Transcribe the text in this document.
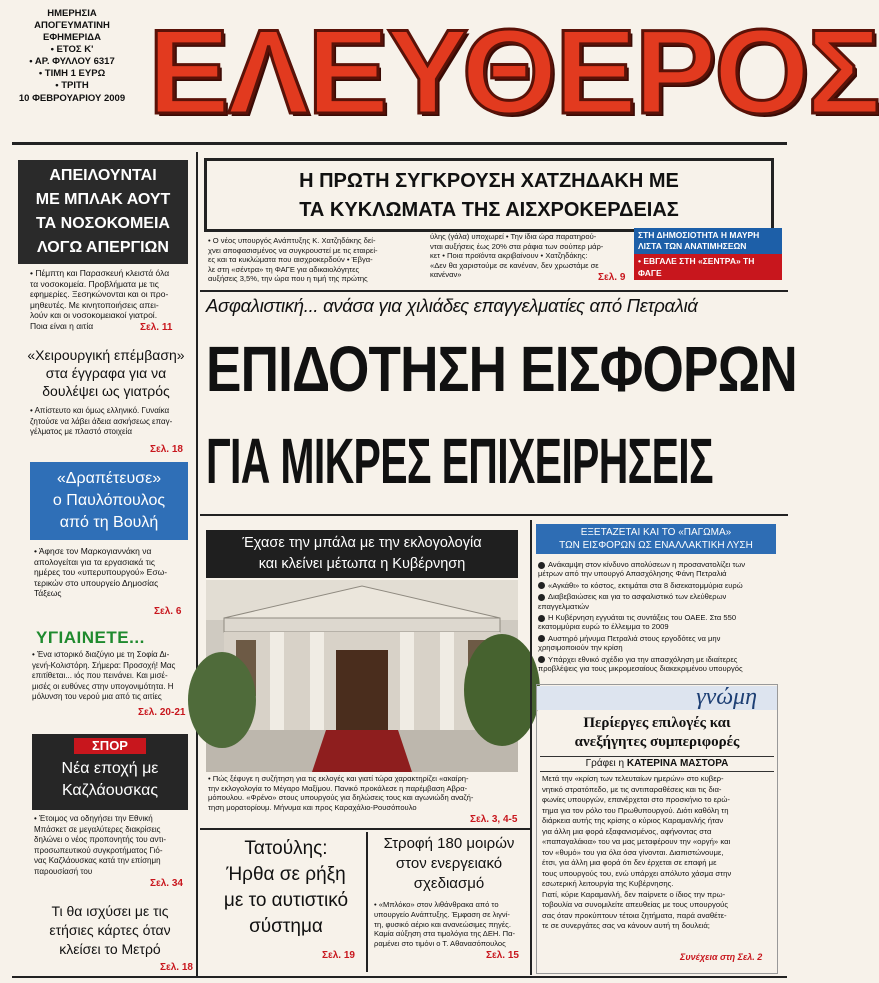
ΗΜΕΡΗΣΙΑ
ΑΠΟΓΕΥΜΑΤΙΝΗ
ΕΦΗΜΕΡΙΔΑ
• ΕΤΟΣ Κ'
• ΑΡ. ΦΥΛΛΟΥ 6317
• ΤΙΜΗ 1 ΕΥΡΩ
• ΤΡΙΤΗ
10 ΦΕΒΡΟΥΑΡΙΟΥ 2009 ΕΛΕΥΘΕΡΟΣ
ΑΠΕΙΛΟΥΝΤΑΙ
ΜΕ ΜΠΛΑΚ ΑΟΥΤ
ΤΑ ΝΟΣΟΚΟΜΕΙΑ
ΛΟΓΩ ΑΠΕΡΓΙΩΝ
• Πέμπτη και Παρασκευή κλειστά όλα
τα νοσοκομεία. Προβλήματα με τις
εφημερίες. Ξεσηκώνονται και οι προ-
μηθευτές. Με κινητοποιήσεις απει-
λούν και οι νοσοκομειακοί γιατροί.
Ποια είναι η αιτία	Σελ. 11
«Χειρουργική επέμβαση»
στα έγγραφα για να
δουλέψει ως γιατρός
• Απίστευτο και όμως ελληνικό. Γυναίκα
ζητούσε να λάβει άδεια ασκήσεως επαγ-
γέλματος με πλαστό στοιχεία
Σελ. 18
«Δραπέτευσε»
ο Παυλόπουλος
από τη Βουλή
• Άφησε τον Μαρκογιαννάκη να
απολογείται για τα εργασιακά τις
ημέρες του «υπερυπουργού» Εσω-
τερικών στο υπουργείο Δημοσίας
Τάξεως
Σελ. 6
ΥΓΙΑΙΝΕΤΕ...
• Ένα ιστορικό διαζύγιο με τη Σοφία Δι-
γενή-Κολιστόρη. Σήμερα: Προσοχή! Μας
επιτίθεται... ιός που πεινάνει. Και μισέ-
μισές οι ευθύνες στην υπογονιμότητα. Η
μόλυνση του νερού μια από τις αιτίες
Σελ. 20-21
ΣΠΟΡ
Νέα εποχή με
Καζλάουσκας
• Έτοιμος να οδηγήσει την Εθνική
Μπάσκετ σε μεγαλύτερες διακρίσεις
δηλώνει ο νέος προπονητής του αντι-
προσωπευτικού συγκροτήματος Γιό-
νας Καζλάουσκας κατά την επίσημη
παρουσίασή του
Σελ. 34
Τι θα ισχύσει με τις
ετήσιες κάρτες όταν
κλείσει το Μετρό
Σελ. 18
Η ΠΡΩΤΗ ΣΥΓΚΡΟΥΣΗ ΧΑΤΖΗΔΑΚΗ ΜΕ
ΤΑ ΚΥΚΛΩΜΑΤΑ ΤΗΣ ΑΙΣΧΡΟΚΕΡΔΕΙΑΣ
• Ο νέος υπουργός Ανάπτυξης Κ. Χατζηδάκης δεί-
χνει αποφασισμένος να συγκρουστεί με τις εταιρεί-
ες και τα κυκλώματα που αισχροκερδούν • Έβγα-
λε στη «σέντρα» τη ΦΑΓΕ για αδικαιολόγητες
αυξήσεις 3,5%, την ώρα που η τιμή της πρώτης
ύλης (γάλα) υποχωρεί • Την ίδια ώρα παρατηρού-
νται αυξήσεις έως 20% στα ράφια των σούπερ μάρ-
κετ • Ποια προϊόντα ακριβαίνουν • Χατζηδάκης:
«Δεν θα χαριστούμε σε κανέναν, δεν χρωστάμε σε
κανέναν»	Σελ. 9
ΣΤΗ ΔΗΜΟΣΙΟΤΗΤΑ Η ΜΑΥΡΗ
ΛΙΣΤΑ ΤΩΝ ΑΝΑΤΙΜΗΣΕΩΝ
• ΕΒΓΑΛΕ ΣΤΗ «ΣΕΝΤΡΑ» ΤΗ ΦΑΓΕ
Ασφαλιστική... ανάσα για χιλιάδες επαγγελματίες από Πετραλιά
ΕΠΙΔΟΤΗΣΗ ΕΙΣΦΟΡΩΝ
ΓΙΑ ΜΙΚΡΕΣ ΕΠΙΧΕΙΡΗΣΕΙΣ
Έχασε την μπάλα με την εκλογολογία
και κλείνει μέτωπα η Κυβέρνηση
• Πώς ξέφυγε η συζήτηση για τις εκλογές και γιατί τώρα χαρακτηρίζει «ακαίρη-
την εκλογολογία το Μέγαρο Μαξίμου. Πανικό προκάλεσε η παρέμβαση Αβρα-
μόπουλου. «Φρένο» στους υπουργούς για δηλώσεις τους και αγωνιώδη αναζή-
τηση μορατορίουμ. Μήνυμα και προς Καραχάλιο-Ρουσόπουλο
Σελ. 3, 4-5
Τατούλης:
Ήρθα σε ρήξη
με το αυτιστικό
σύστημα
Σελ. 19
Στροφή 180 μοιρών
στον ενεργειακό
σχεδιασμό
• «Μπλόκο» στον λιθάνθρακα από το
υπουργείο Ανάπτυξης. Έμφαση σε λιγνί-
τη, φυσικό αέριο και ανανεώσιμες πηγές.
Καμία αύξηση στα τιμολόγια της ΔΕΗ. Πα-
ραμένει στο τιμόνι ο Τ. Αθανασόπουλος
Σελ. 15
ΕΞΕΤΑΖΕΤΑΙ ΚΑΙ ΤΟ «ΠΑΓΩΜΑ»
ΤΩΝ ΕΙΣΦΟΡΩΝ ΩΣ ΕΝΑΛΛΑΚΤΙΚΗ ΛΥΣΗ
Ανάκαμψη στον κίνδυνο απολύσεων η προσανατολίζει των
μέτρων από την υπουργό Απασχόλησης Φάνη Πετραλιά
«Αγκάθι» το κόστος, εκτιμάται στα 8 δισεκατομμύρια ευρώ
Διαβεβαιώσεις και για το ασφαλιστικό των ελεύθερων
επαγγελματιών
Η Κυβέρνηση εγγυάται τις συντάξεις του ΟΑΕΕ. Στα 550
εκατομμύρια ευρώ το έλλειμμα το 2009
Αυστηρό μήνυμα Πετραλιά στους εργοδότες να μην
χρησιμοποιούν την κρίση
Υπάρχει εθνικό σχέδιο για την απασχόληση με ιδιαίτερες
προβλέψεις για τους μικρομεσαίους διακεκριμένου υπουργός
γνώμη
Περίεργες επιλογές και
ανεξήγητες συμπεριφορές
Γράφει η ΚΑΤΕΡΙΝΑ ΜΑΣΤΟΡΑ
Μετά την «κρίση των τελευταίων ημερών» στο κυβερ-
νητικό στρατόπεδο, με τις αντιπαραθέσεις και τις δια-
φωνίες υπουργών, επανέρχεται στο προσκήνιο το ερώ-
τημα για τον ρόλο του Πρωθυπουργού. Διότι καθόλη τη
διάρκεια αυτής της κρίσης ο κύριος Καραμανλής ήταν
για άλλη μια φορά εξαφανισμένος, αφήνοντας στα
«παπαγαλάκια» του να μας μεταφέρουν την «οργή» και
τον «θυμό» του για όλα όσα γίνονται. Διαπιστώνουμε,
έτσι, για άλλη μια φορά ότι δεν έρχεται σε επαφή με
τους υπουργούς του, ενώ υπάρχει απόλυτο χάσμα στην
εσωτερική λειτουργία της Κυβέρνησης.
Γιατί, κύριε Καραμανλή, δεν παίρνετε ο ίδιος την πρω-
τοβουλία να συνομιλείτε απευθείας με τους υπουργούς
σας όταν προκύπτουν τέτοια ζητήματα, παρά αναθέτε-
τε σε συνεργάτες σας να κάνουν αυτή τη δουλειά;
Συνέχεια στη Σελ. 2
